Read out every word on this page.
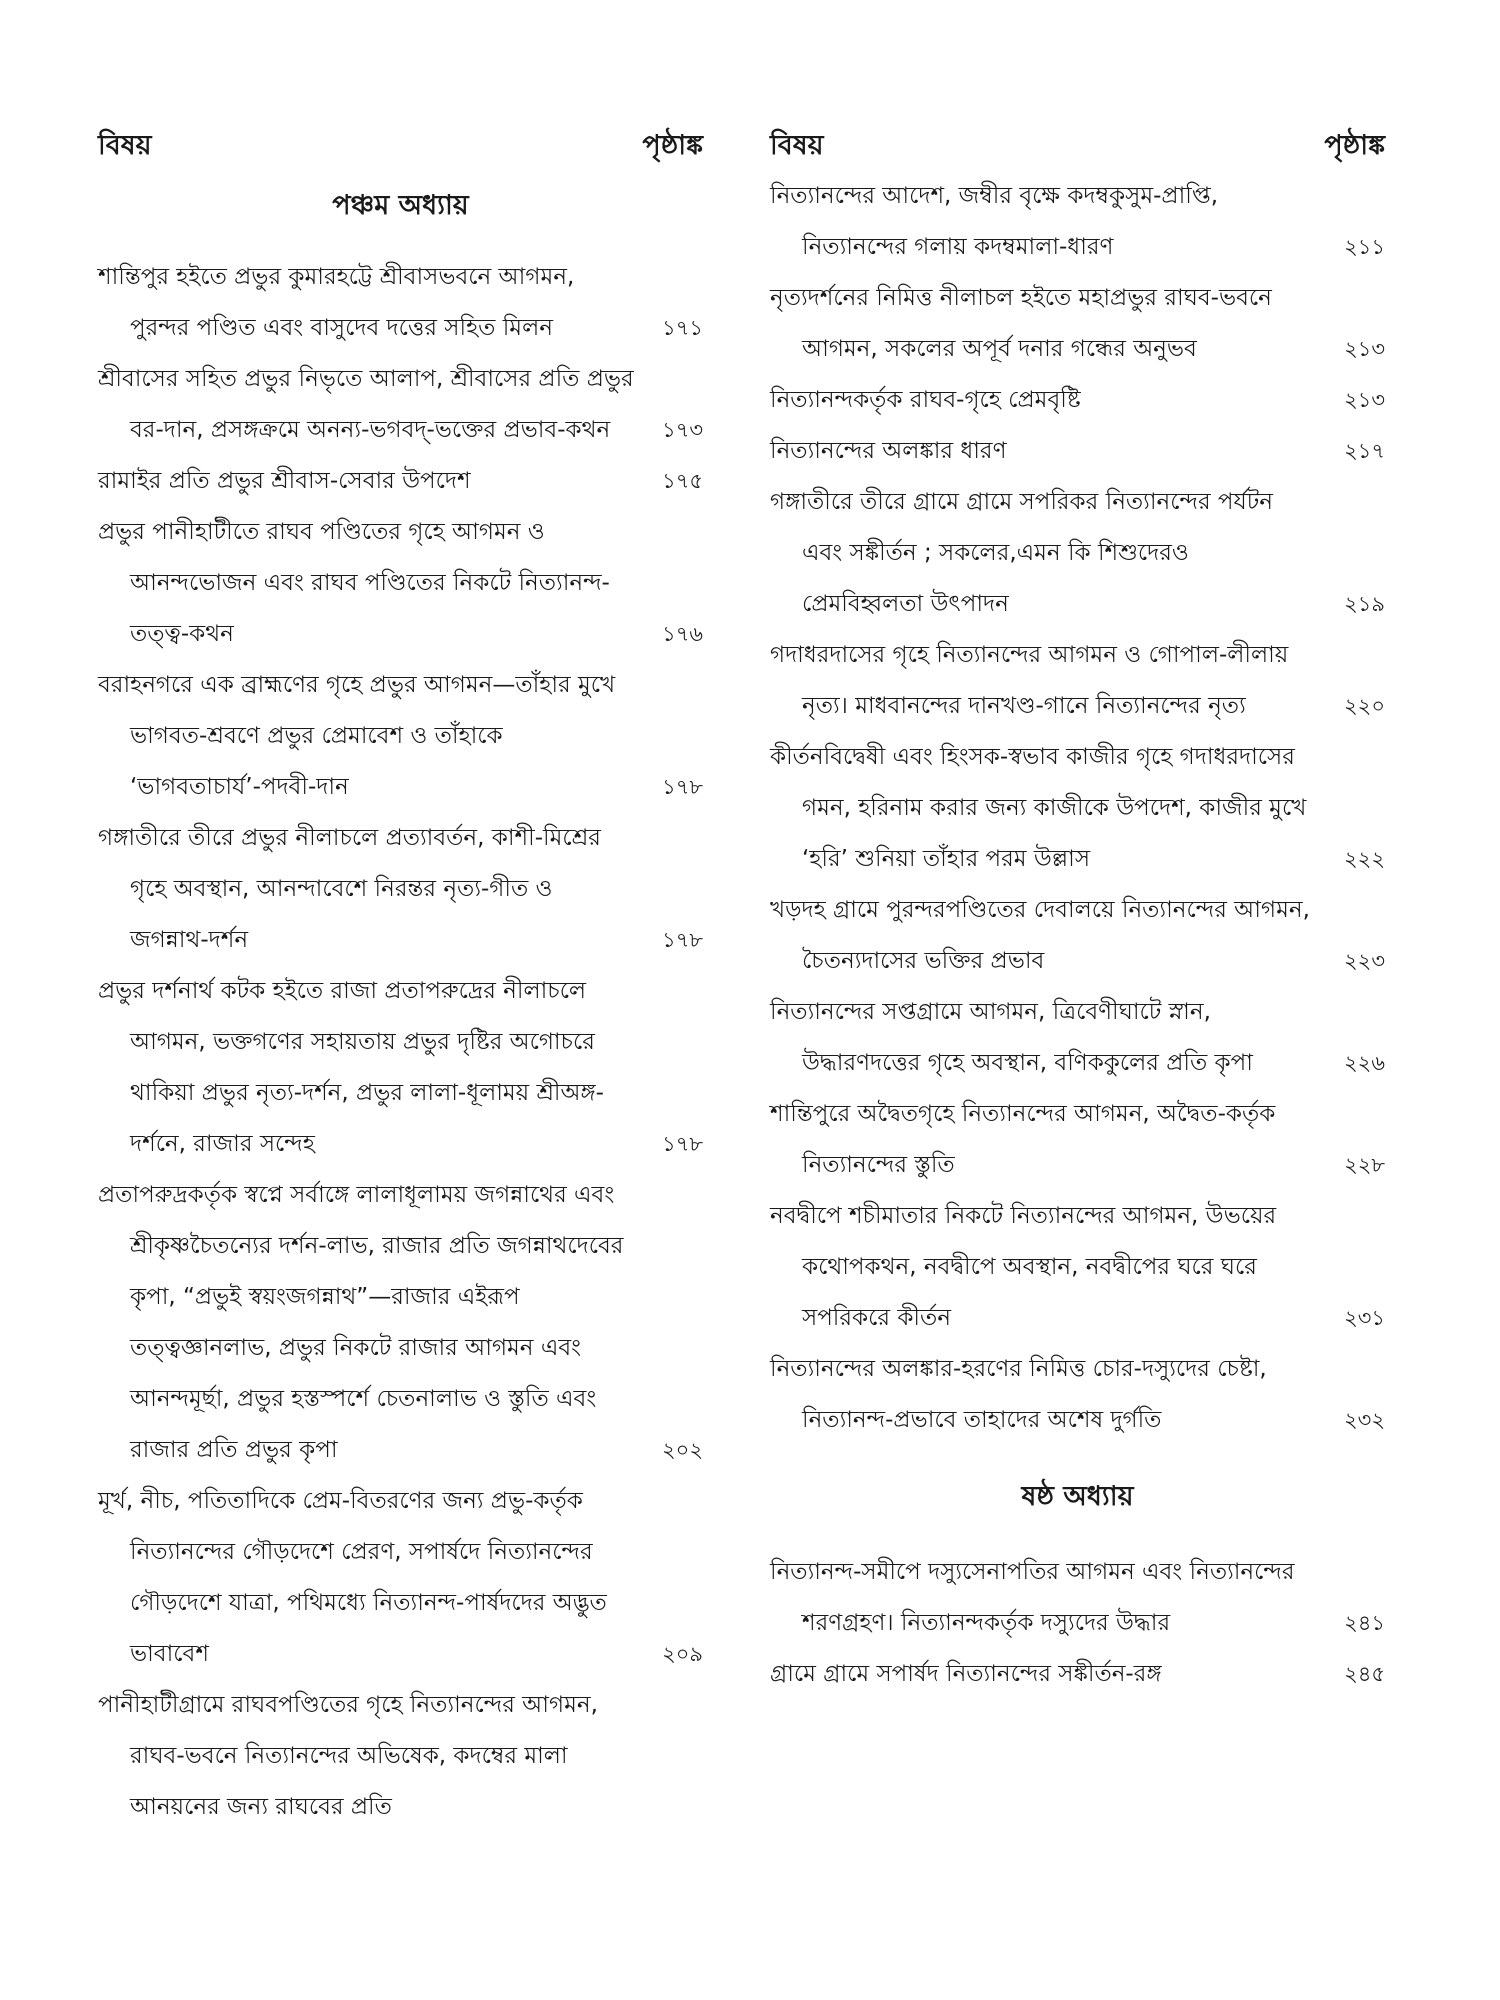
বিষয়	পৃষ্ঠাঙ্ক
পঞ্চম অধ্যায়
শান্তিপুর হইতে প্রভুর কুমারহট্টে শ্রীবাসভবনে আগমন, পুরন্দর পণ্ডিত এবং বাসুদেব দত্তের সহিত মিলন	১৭১
শ্রীবাসের সহিত প্রভুর নিভৃতে আলাপ, শ্রীবাসের প্রতি প্রভুর বর-দান, প্রসঙ্গক্রমে অনন্য-ভগবদ্-ভক্তের প্রভাব-কথন	১৭৩
রামাইর প্রতি প্রভুর শ্রীবাস-সেবার উপদেশ	১৭৫
প্রভুর পানীহাটীতে রাঘব পণ্ডিতের গৃহে আগমন ও আনন্দভোজন এবং রাঘব পণ্ডিতের নিকটে নিত্যানন্দ-তত্ত্ব-কথন	১৭৬
বরাহনগরে এক ব্রাহ্মণের গৃহে প্রভুর আগমন—তাঁহার মুখে ভাগবত-শ্রবণে প্রভুর প্রেমাবেশ ও তাঁহাকে ‘ভাগবতাচার্য’-পদবী-দান	১৭৮
গঙ্গাতীরে তীরে প্রভুর নীলাচলে প্রত্যাবর্তন, কাশী-মিশ্রের গৃহে অবস্থান, আনন্দাবেশে নিরন্তর নৃত্য-গীত ও জগন্নাথ-দর্শন	১৭৮
প্রভুর দর্শনার্থ কটক হইতে রাজা প্রতাপরুদ্রের নীলাচলে আগমন, ভক্তগণের সহায়তায় প্রভুর দৃষ্টির অগোচরে থাকিয়া প্রভুর নৃত্য-দর্শন, প্রভুর লালা-ধূলাময় শ্রীঅঙ্গ-দর্শনে, রাজার সন্দেহ	১৭৮
প্রতাপরুদ্রকর্তৃক স্বপ্নে সর্বাঙ্গে লালাধূলাময় জগন্নাথের এবং শ্রীকৃষ্ণচৈতন্যের দর্শন-লাভ, রাজার প্রতি জগন্নাথদেবের কৃপা, “প্রভুই স্বয়ংজগন্নাথ”—রাজার এইরূপ তত্ত্বজ্ঞানলাভ, প্রভুর নিকটে রাজার আগমন এবং আনন্দমূর্ছা, প্রভুর হস্তস্পর্শে চেতনালাভ ও স্তুতি এবং রাজার প্রতি প্রভুর কৃপা	২০২
মূর্খ, নীচ, পতিতাদিকে প্রেম-বিতরণের জন্য প্রভু-কর্তৃক নিত্যানন্দের গৌড়দেশে প্রেরণ, সপার্ষদে নিত্যানন্দের গৌড়দেশে যাত্রা, পথিমধ্যে নিত্যানন্দ-পার্ষদদের অদ্ভুত ভাবাবেশ	২০৯
পানীহাটীগ্রামে রাঘবপণ্ডিতের গৃহে নিত্যানন্দের আগমন, রাঘব-ভবনে নিত্যানন্দের অভিষেক, কদম্বের মালা আনয়নের জন্য রাঘবের প্রতি
বিষয়	পৃষ্ঠাঙ্ক
নিত্যানন্দের আদেশ, জম্বীর বৃক্ষে কদম্বকুসুম-প্রাপ্তি, নিত্যানন্দের গলায় কদম্বমালা-ধারণ	২১১
নৃত্যদর্শনের নিমিত্ত নীলাচল হইতে মহাপ্রভুর রাঘব-ভবনে আগমন, সকলের অপূর্ব দনার গন্ধের অনুভব	২১৩
নিত্যানন্দকর্তৃক রাঘব-গৃহে প্রেমবৃষ্টি	২১৩
নিত্যানন্দের অলঙ্কার ধারণ	২১৭
গঙ্গাতীরে তীরে গ্রামে গ্রামে সপরিকর নিত্যানন্দের পর্যটন এবং সঙ্কীর্তন ; সকলের,এমন কি শিশুদেরও প্রেমবিহ্বলতা উৎপাদন	২১৯
গদাধরদাসের গৃহে নিত্যানন্দের আগমন ও গোপাল-লীলায় নৃত্য। মাধবানন্দের দানখণ্ড-গানে নিত্যানন্দের নৃত্য	২২০
কীর্তনবিদ্বেষী এবং হিংসক-স্বভাব কাজীর গৃহে গদাধরদাসের গমন, হরিনাম করার জন্য কাজীকে উপদেশ, কাজীর মুখে ‘হরি’ শুনিয়া তাঁহার পরম উল্লাস	২২২
খড়দহ গ্রামে পুরন্দরপণ্ডিতের দেবালয়ে নিত্যানন্দের আগমন, চৈতন্যদাসের ভক্তির প্রভাব	২২৩
নিত্যানন্দের সপ্তগ্রামে আগমন, ত্রিবেণীঘাটে স্নান, উদ্ধারণদত্তের গৃহে অবস্থান, বণিককুলের প্রতি কৃপা	২২৬
শান্তিপুরে অদ্বৈতগৃহে নিত্যানন্দের আগমন, অদ্বৈত-কর্তৃক নিত্যানন্দের স্তুতি	২২৮
নবদ্বীপে শচীমাতার নিকটে নিত্যানন্দের আগমন, উভয়ের কথোপকথন, নবদ্বীপে অবস্থান, নবদ্বীপের ঘরে ঘরে সপরিকরে কীর্তন	২৩১
নিত্যানন্দের অলঙ্কার-হরণের নিমিত্ত চোর-দস্যুদের চেষ্টা, নিত্যানন্দ-প্রভাবে তাহাদের অশেষ দুর্গতি	২৩২
ষষ্ঠ অধ্যায়
নিত্যানন্দ-সমীপে দস্যুসেনাপতির আগমন এবং নিত্যানন্দের শরণগ্রহণ। নিত্যানন্দকর্তৃক দস্যুদের উদ্ধার	২৪১
গ্রামে গ্রামে সপার্ষদ নিত্যানন্দের সঙ্কীর্তন-রঙ্গ	২৪৫
